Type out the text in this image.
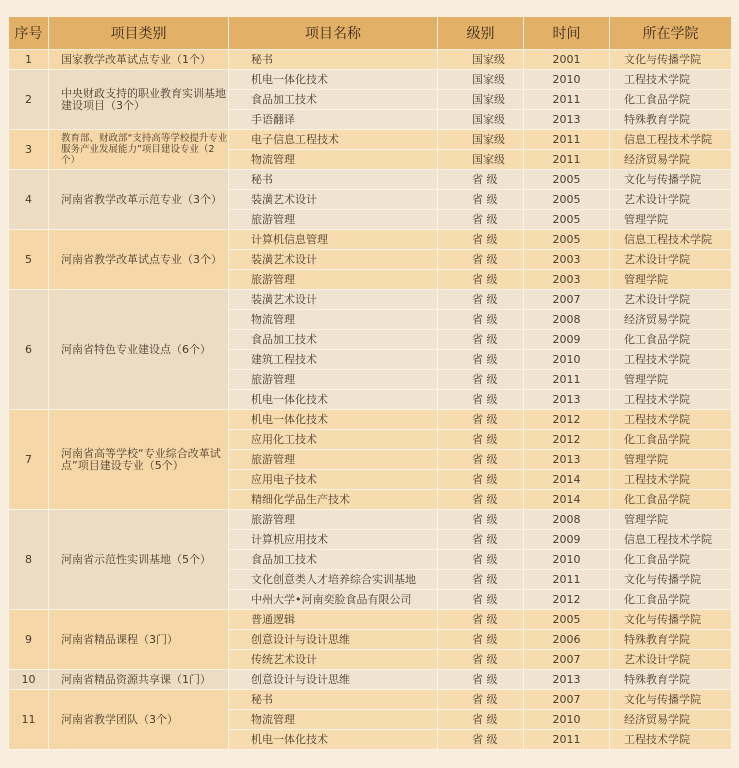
序号	项目类别	项目名称	级别	时间	所在学院
1	国家教学改革试点专业（1个）	秘书	国家级	2001	文化与传播学院
2	中央财政支持的职业教育实训基地建设项目（3个）	机电一体化技术	国家级	2010	工程技术学院
		食品加工技术	国家级	2011	化工食品学院
		手语翻译	国家级	2013	特殊教育学院
3	教育部、财政部“支持高等学校提升专业服务产业发展能力”项目建设专业（2个）	电子信息工程技术	国家级	2011	信息工程技术学院
		物流管理	国家级	2011	经济贸易学院
4	河南省教学改革示范专业（3个）	秘书	省 级	2005	文化与传播学院
		装潢艺术设计	省 级	2005	艺术设计学院
		旅游管理	省 级	2005	管理学院
5	河南省教学改革试点专业（3个）	计算机信息管理	省 级	2005	信息工程技术学院
		装潢艺术设计	省 级	2003	艺术设计学院
		旅游管理	省 级	2003	管理学院
6	河南省特色专业建设点（6个）	装潢艺术设计	省 级	2007	艺术设计学院
		物流管理	省 级	2008	经济贸易学院
		食品加工技术	省 级	2009	化工食品学院
		建筑工程技术	省 级	2010	工程技术学院
		旅游管理	省 级	2011	管理学院
		机电一体化技术	省 级	2013	工程技术学院
7	河南省高等学校“专业综合改革试点”项目建设专业（5个）	机电一体化技术	省 级	2012	工程技术学院
		应用化工技术	省 级	2012	化工食品学院
		旅游管理	省 级	2013	管理学院
		应用电子技术	省 级	2014	工程技术学院
		精细化学品生产技术	省 级	2014	化工食品学院
8	河南省示范性实训基地（5个）	旅游管理	省 级	2008	管理学院
		计算机应用技术	省 级	2009	信息工程技术学院
		食品加工技术	省 级	2010	化工食品学院
		文化创意类人才培养综合实训基地	省 级	2011	文化与传播学院
		中州大学•河南奕脸食品有限公司	省 级	2012	化工食品学院
9	河南省精品课程（3门）	普通逻辑	省 级	2005	文化与传播学院
		创意设计与设计思维	省 级	2006	特殊教育学院
		传统艺术设计	省 级	2007	艺术设计学院
10	河南省精品资源共享课（1门）	创意设计与设计思维	省 级	2013	特殊教育学院
11	河南省教学团队（3个）	秘书	省 级	2007	文化与传播学院
		物流管理	省 级	2010	经济贸易学院
		机电一体化技术	省 级	2011	工程技术学院
